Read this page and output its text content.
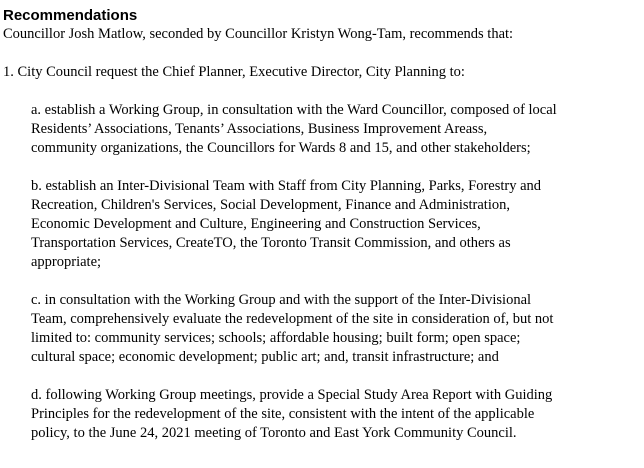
Recommendations

Councillor Josh Matlow, seconded by Councillor Kristyn Wong-Tam, recommends that:

1. City Council request the Chief Planner, Executive Director, City Planning to:

a. establish a Working Group, in consultation with the Ward Councillor, composed of local
Residents’ Associations, Tenants’ Associations, Business Improvement Areass,
community organizations, the Councillors for Wards 8 and 15, and other stakeholders;

b. establish an Inter-Divisional Team with Staff from City Planning, Parks, Forestry and
Recreation, Children's Services, Social Development, Finance and Administration,
Economic Development and Culture, Engineering and Construction Services,
Transportation Services, CreateTO, the Toronto Transit Commission, and others as
appropriate;

c. in consultation with the Working Group and with the support of the Inter-Divisional
Team, comprehensively evaluate the redevelopment of the site in consideration of, but not
limited to: community services; schools; affordable housing; built form; open space;
cultural space; economic development; public art; and, transit infrastructure; and

d. following Working Group meetings, provide a Special Study Area Report with Guiding
Principles for the redevelopment of the site, consistent with the intent of the applicable
policy, to the June 24, 2021 meeting of Toronto and East York Community Council.
